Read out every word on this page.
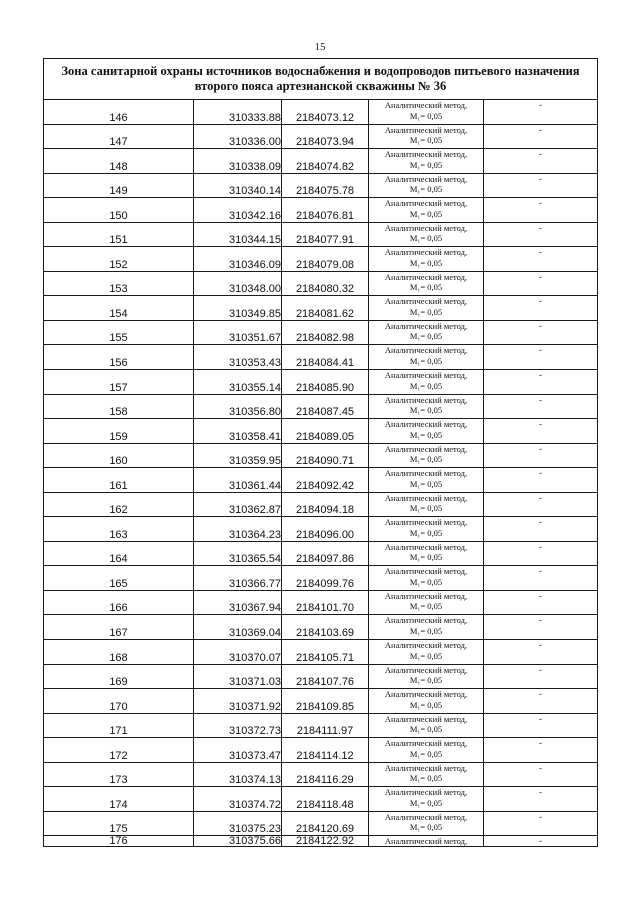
15
Зона санитарной охраны источников водоснабжения и водопроводов питьевого назначения
второго пояса артезианской скважины № 36				

146	310333.88	2184073.12	Аналитический метод,
M₁= 0,05	-
147	310336.00	2184073.94	Аналитический метод,
M₁= 0,05	-
148	310338.09	2184074.82	Аналитический метод,
M₁= 0,05	-
149	310340.14	2184075.78	Аналитический метод,
M₁= 0,05	-
150	310342.16	2184076.81	Аналитический метод,
M₁= 0,05	-
151	310344.15	2184077.91	Аналитический метод,
M₁= 0,05	-
152	310346.09	2184079.08	Аналитический метод,
M₁= 0,05	-
153	310348.00	2184080.32	Аналитический метод,
M₁= 0,05	-
154	310349.85	2184081.62	Аналитический метод,
M₁= 0,05	-
155	310351.67	2184082.98	Аналитический метод,
M₁= 0,05	-
156	310353.43	2184084.41	Аналитический метод,
M₁= 0,05	-
157	310355.14	2184085.90	Аналитический метод,
M₁= 0,05	-
158	310356.80	2184087.45	Аналитический метод,
M₁= 0,05	-
159	310358.41	2184089.05	Аналитический метод,
M₁= 0,05	-
160	310359.95	2184090.71	Аналитический метод,
M₁= 0,05	-
161	310361.44	2184092.42	Аналитический метод,
M₁= 0,05	-
162	310362.87	2184094.18	Аналитический метод,
M₁= 0,05	-
163	310364.23	2184096.00	Аналитический метод,
M₁= 0,05	-
164	310365.54	2184097.86	Аналитический метод,
M₁= 0,05	-
165	310366.77	2184099.76	Аналитический метод,
M₁= 0,05	-
166	310367.94	2184101.70	Аналитический метод,
M₁= 0,05	-
167	310369.04	2184103.69	Аналитический метод,
M₁= 0,05	-
168	310370.07	2184105.71	Аналитический метод,
M₁= 0,05	-
169	310371.03	2184107.76	Аналитический метод,
M₁= 0,05	-
170	310371.92	2184109.85	Аналитический метод,
M₁= 0,05	-
171	310372.73	2184111.97	Аналитический метод,
M₁= 0,05	-
172	310373.47	2184114.12	Аналитический метод,
M₁= 0,05	-
173	310374.13	2184116.29	Аналитический метод,
M₁= 0,05	-
174	310374.72	2184118.48	Аналитический метод,
M₁= 0,05	-
175	310375.23	2184120.69	Аналитический метод,
M₁= 0,05	-
176	310375.66	2184122.92	Аналитический метод,	-
